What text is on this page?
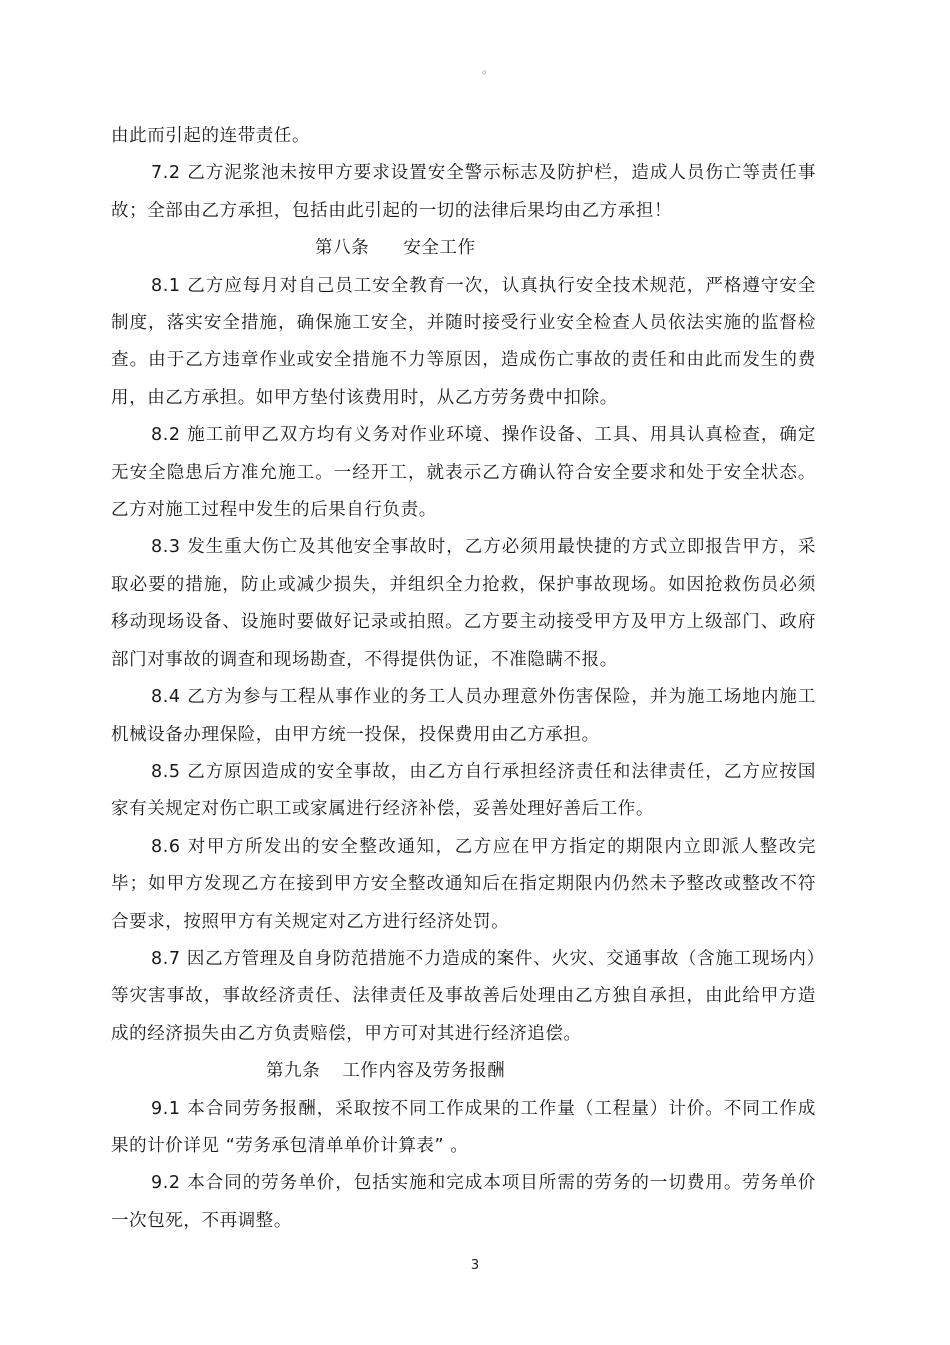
。

由此而引起的连带责任。

7.2 乙方泥浆池未按甲方要求设置安全警示标志及防护栏，造成人员伤亡等责任事故；全部由乙方承担，包括由此引起的一切的法律后果均由乙方承担！

第八条 安全工作

8.1 乙方应每月对自己员工安全教育一次，认真执行安全技术规范，严格遵守安全制度，落实安全措施，确保施工安全，并随时接受行业安全检查人员依法实施的监督检查。由于乙方违章作业或安全措施不力等原因，造成伤亡事故的责任和由此而发生的费用，由乙方承担。如甲方垫付该费用时，从乙方劳务费中扣除。

8.2 施工前甲乙双方均有义务对作业环境、操作设备、工具、用具认真检查，确定无安全隐患后方准允施工。一经开工，就表示乙方确认符合安全要求和处于安全状态。乙方对施工过程中发生的后果自行负责。

8.3 发生重大伤亡及其他安全事故时，乙方必须用最快捷的方式立即报告甲方，采取必要的措施，防止或减少损失，并组织全力抢救，保护事故现场。如因抢救伤员必须移动现场设备、设施时要做好记录或拍照。乙方要主动接受甲方及甲方上级部门、政府部门对事故的调查和现场勘查，不得提供伪证，不准隐瞒不报。

8.4 乙方为参与工程从事作业的务工人员办理意外伤害保险，并为施工场地内施工机械设备办理保险，由甲方统一投保，投保费用由乙方承担。

8.5 乙方原因造成的安全事故，由乙方自行承担经济责任和法律责任，乙方应按国家有关规定对伤亡职工或家属进行经济补偿，妥善处理好善后工作。

8.6 对甲方所发出的安全整改通知，乙方应在甲方指定的期限内立即派人整改完毕；如甲方发现乙方在接到甲方安全整改通知后在指定期限内仍然未予整改或整改不符合要求，按照甲方有关规定对乙方进行经济处罚。

8.7 因乙方管理及自身防范措施不力造成的案件、火灾、交通事故（含施工现场内）等灾害事故，事故经济责任、法律责任及事故善后处理由乙方独自承担，由此给甲方造成的经济损失由乙方负责赔偿，甲方可对其进行经济追偿。

第九条 工作内容及劳务报酬

9.1 本合同劳务报酬，采取按不同工作成果的工作量（工程量）计价。不同工作成果的计价详见 “劳务承包清单单价计算表” 。

9.2 本合同的劳务单价，包括实施和完成本项目所需的劳务的一切费用。劳务单价一次包死，不再调整。

3
